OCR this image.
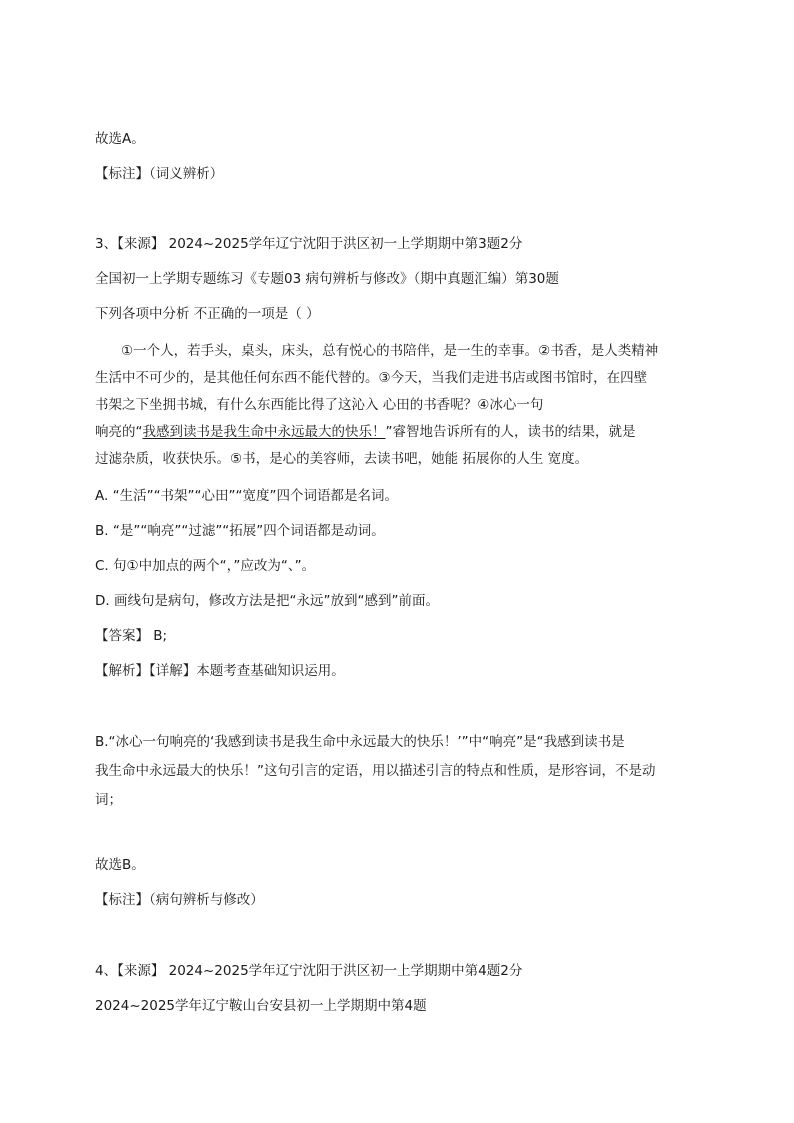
故选A。
【标注】（词义辨析）
3、【来源】 2024~2025学年辽宁沈阳于洪区初一上学期期中第3题2分
全国初一上学期专题练习《专题03 病句辨析与修改》（期中真题汇编）第30题
下列各项中分析 不正确的一项是（ ）
①一个人，若手头，桌头，床头，总有悦心的书陪伴，是一生的幸事。②书香，是人类精神
生活中不可少的，是其他任何东西不能代替的。③今天，当我们走进书店或图书馆时，在四壁
书架之下坐拥书城，有什么东西能比得了这沁入 心田的书香呢？④冰心一句
响亮的“我感到读书是我生命中永远最大的快乐！”睿智地告诉所有的人，读书的结果，就是
过滤杂质，收获快乐。⑤书，是心的美容师，去读书吧，她能 拓展你的人生 宽度。
A. “生活”“书架”“心田”“宽度”四个词语都是名词。
B. “是”“响亮”“过滤”“拓展”四个词语都是动词。
C. 句①中加点的两个“，”应改为“、”。
D. 画线句是病句，修改方法是把“永远”放到“感到”前面。
【答案】 B;
【解析】【详解】本题考查基础知识运用。
B.“冰心一句响亮的‘我感到读书是我生命中永远最大的快乐！’”中“响亮”是“我感到读书是
我生命中永远最大的快乐！”这句引言的定语，用以描述引言的特点和性质，是形容词，不是动
词；
故选B。
【标注】（病句辨析与修改）
4、【来源】 2024~2025学年辽宁沈阳于洪区初一上学期期中第4题2分
2024~2025学年辽宁鞍山台安县初一上学期期中第4题
